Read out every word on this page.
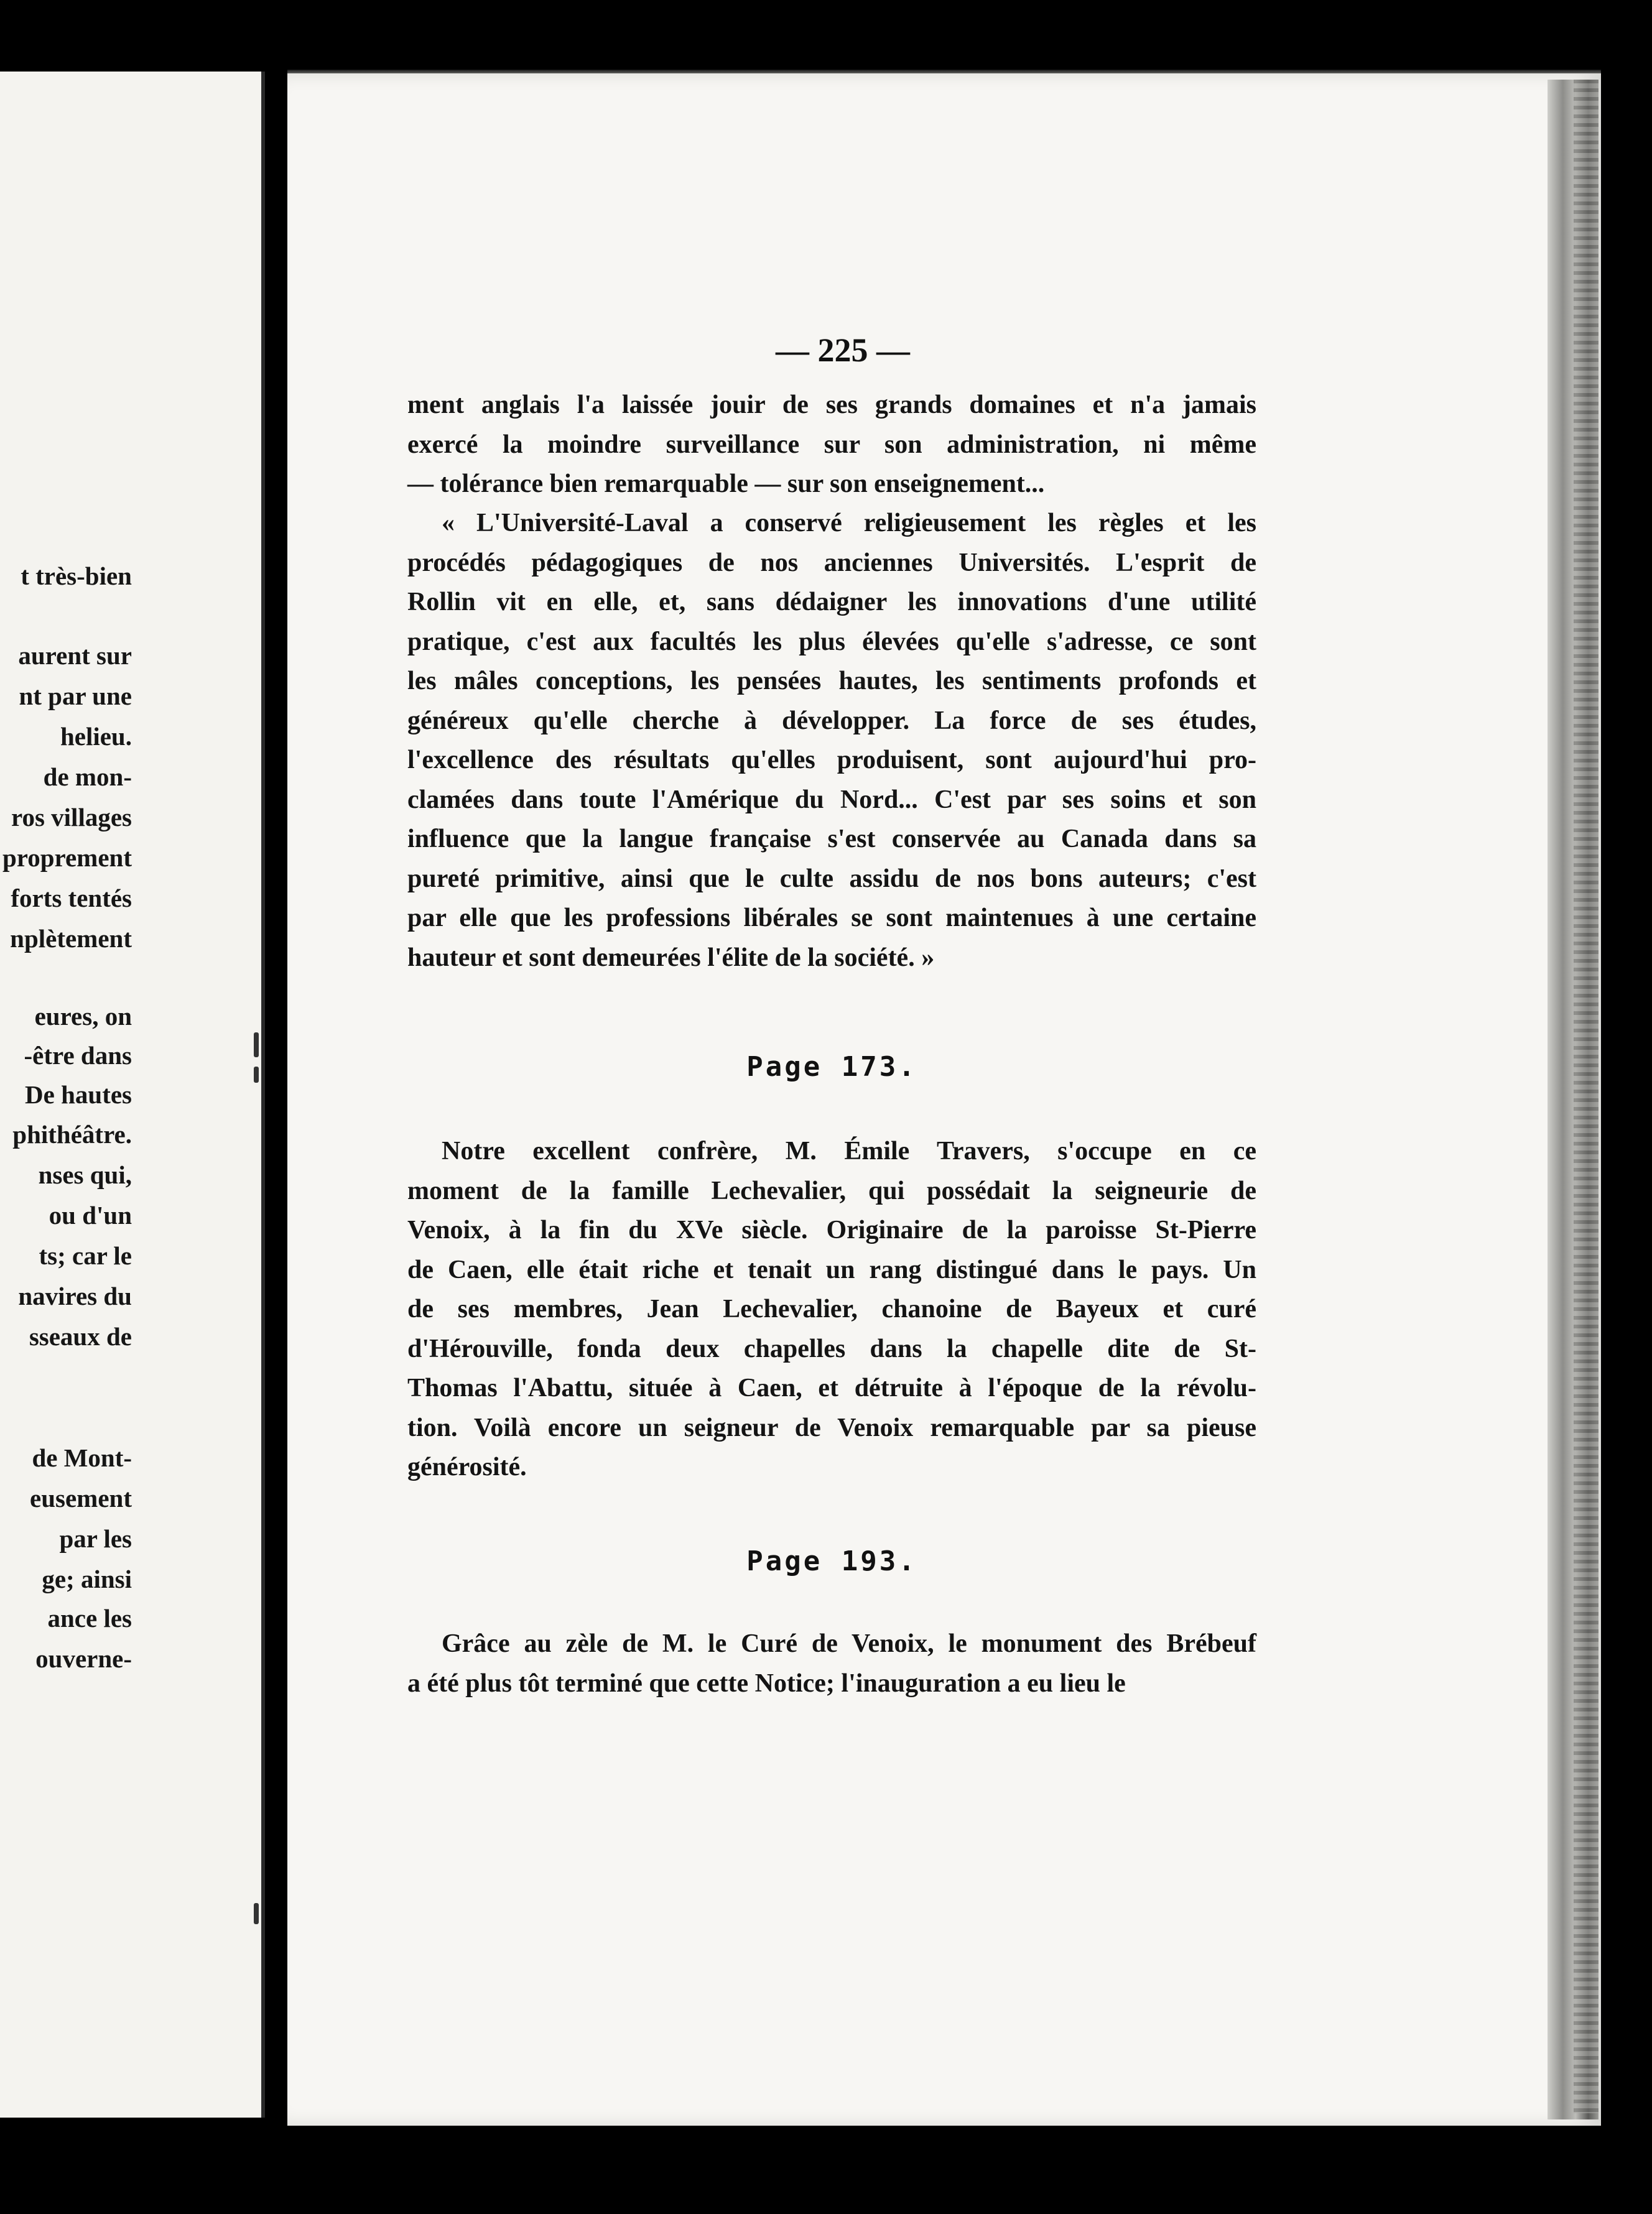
t très-bien
aurent sur
nt par une
helieu.
de mon-
ros villages
proprement
forts tentés
nplètement
eures, on
-être dans
De hautes
phithéâtre.
nses qui,
ou d'un
ts; car le
navires du
sseaux de
de Mont-
eusement
par les
ge; ainsi
ance les
ouverne-
— 225 —
ment anglais l'a laissée jouir de ses grands domaines et n'a jamais
exercé la moindre surveillance sur son administration, ni même
— tolérance bien remarquable — sur son enseignement...
« L'Université-Laval a conservé religieusement les règles et les
procédés pédagogiques de nos anciennes Universités. L'esprit de
Rollin vit en elle, et, sans dédaigner les innovations d'une utilité
pratique, c'est aux facultés les plus élevées qu'elle s'adresse, ce sont
les mâles conceptions, les pensées hautes, les sentiments profonds et
généreux qu'elle cherche à développer. La force de ses études,
l'excellence des résultats qu'elles produisent, sont aujourd'hui pro-
clamées dans toute l'Amérique du Nord... C'est par ses soins et son
influence que la langue française s'est conservée au Canada dans sa
pureté primitive, ainsi que le culte assidu de nos bons auteurs; c'est
par elle que les professions libérales se sont maintenues à une certaine
hauteur et sont demeurées l'élite de la société. »
Page 173.
Notre excellent confrère, M. Émile Travers, s'occupe en ce
moment de la famille Lechevalier, qui possédait la seigneurie de
Venoix, à la fin du XVe siècle. Originaire de la paroisse St-Pierre
de Caen, elle était riche et tenait un rang distingué dans le pays. Un
de ses membres, Jean Lechevalier, chanoine de Bayeux et curé
d'Hérouville, fonda deux chapelles dans la chapelle dite de St-
Thomas l'Abattu, située à Caen, et détruite à l'époque de la révolu-
tion. Voilà encore un seigneur de Venoix remarquable par sa pieuse
générosité.
Page 193.
Grâce au zèle de M. le Curé de Venoix, le monument des Brébeuf
a été plus tôt terminé que cette Notice; l'inauguration a eu lieu le
